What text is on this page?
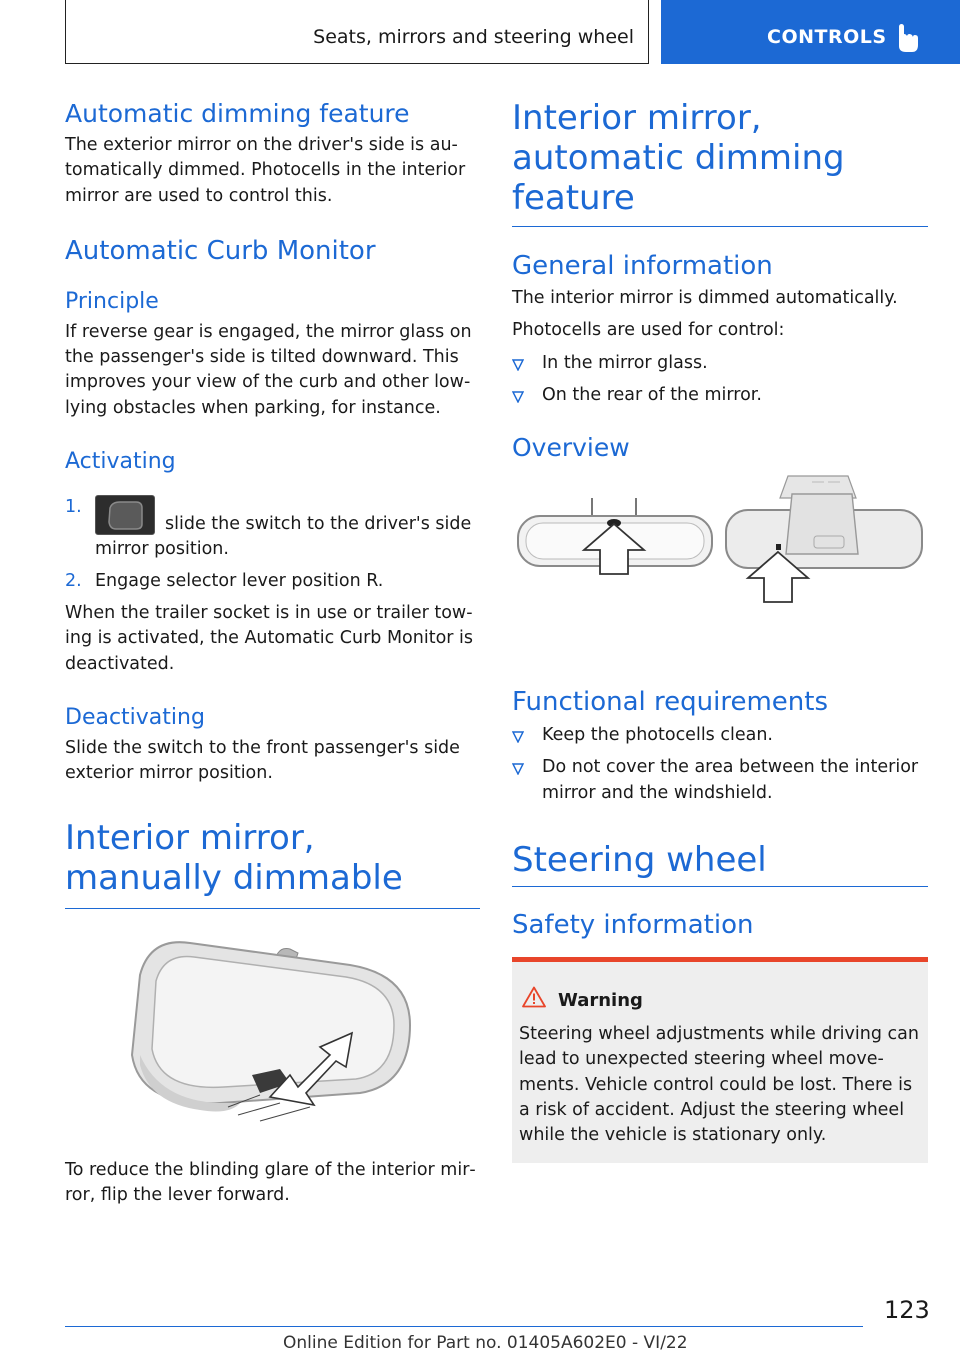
Seats, mirrors and steering wheel	CONTROLS
Automatic dimming feature

The exterior mirror on the driver's side is automatically dimmed. Photocells in the interior mirror are used to control this.

Automatic Curb Monitor
Principle

If reverse gear is engaged, the mirror glass on the passenger's side is tilted downward. This improves your view of the curb and other low-lying obstacles when parking, for instance.

Activating
1.
slide the switch to the driver's side mirror position.
2. Engage selector lever position R.

When the trailer socket is in use or trailer towing is activated, the Automatic Curb Monitor is deactivated.

Deactivating

Slide the switch to the front passenger's side exterior mirror position.

Interior mirror, manually dimmable

To reduce the blinding glare of the interior mirror, flip the lever forward.

Interior mirror, automatic dimming feature
General information

The interior mirror is dimmed automatically.

Photocells are used for control:

In the mirror glass.
On the rear of the mirror.
Overview
Functional requirements
Keep the photocells clean.
Do not cover the area between the interior mirror and the windshield.
Steering wheel
Safety information
Warning

Steering wheel adjustments while driving can lead to unexpected steering wheel movements. Vehicle control could be lost. There is a risk of accident. Adjust the steering wheel while the vehicle is stationary only.

123
Online Edition for Part no. 01405A602E0 - VI/22
